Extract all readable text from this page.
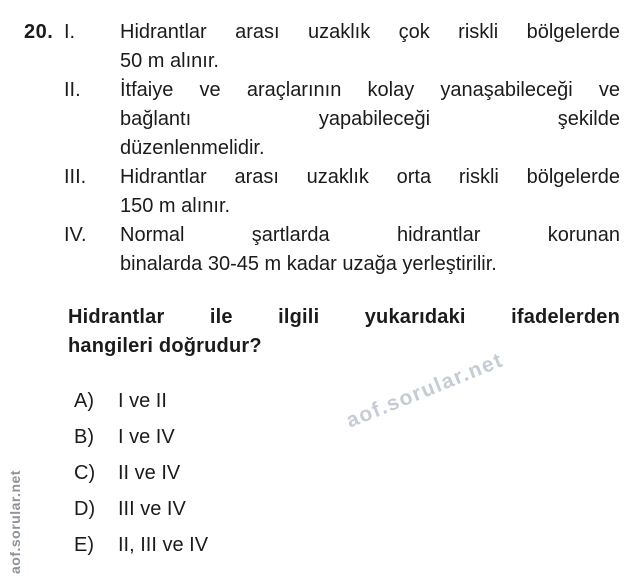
20. I.
II.
III.
IV.
Hidrantlar arası uzaklık çok riskli bölgelerde
50 m alınır.
İtfaiye ve araçlarının kolay yanaşabileceği ve
bağlantı yapabileceği şekilde
düzenlenmelidir.
Hidrantlar arası uzaklık orta riskli bölgelerde
150 m alınır.
Normal şartlarda hidrantlar korunan
binalarda 30-45 m kadar uzağa yerleştirilir.
Hidrantlar ile ilgili yukarıdaki ifadelerden
hangileri doğrudur?
A)	I ve II
B)	I ve IV
C)	II ve IV
D)	III ve IV
E)	II, III ve IV
aof.sorular.net
aof.sorular.net
